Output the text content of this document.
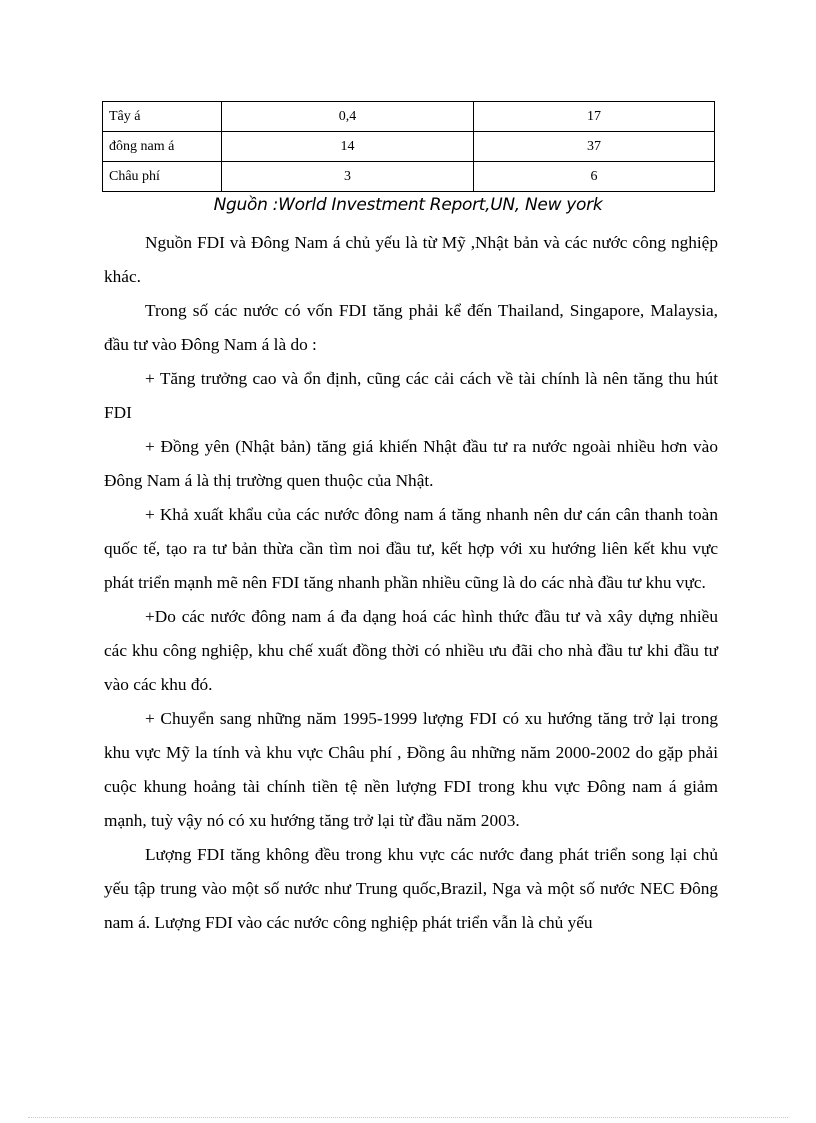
Tây á	0,4	17
đông nam á	14	37
Châu phí	3	6
Nguồn :World Investment Report,UN, New york

Nguồn FDI và Đông Nam á chủ yếu là từ Mỹ ,Nhật bản và các nước công nghiệp khác.

Trong số các nước có vốn FDI tăng phải kể đến Thailand, Singapore, Malaysia, đầu tư vào Đông Nam á là do :

+ Tăng trưởng cao và ổn định, cũng các cải cách về tài chính là nên tăng thu hút FDI

+ Đồng yên (Nhật bản) tăng giá khiến Nhật đầu tư ra nước ngoài nhiều hơn vào Đông Nam á là thị trường quen thuộc của Nhật.

+ Khả xuất khẩu của các nước đông nam á tăng nhanh nên dư cán cân thanh toàn quốc tế, tạo ra tư bản thừa cần tìm noi đầu tư, kết hợp với xu hướng liên kết khu vực phát triển mạnh mẽ nên FDI tăng nhanh phần nhiều cũng là do các nhà đầu tư khu vực.

+Do các nước đông nam á đa dạng hoá các hình thức đầu tư và xây dựng nhiều các khu công nghiệp, khu chế xuất đồng thời có nhiều ưu đãi cho nhà đầu tư khi đầu tư vào các khu đó.

+ Chuyển sang những năm 1995-1999 lượng FDI có xu hướng tăng trở lại trong khu vực Mỹ la tính và khu vực Châu phí , Đồng âu những năm 2000-2002 do gặp phải cuộc khung hoảng tài chính tiền tệ nền lượng FDI trong khu vực Đông nam á giảm mạnh, tuỳ vậy nó có xu hướng tăng trở lại từ đầu năm 2003.

Lượng FDI tăng không đều trong khu vực các nước đang phát triển song lại chủ yếu tập trung vào một số nước như Trung quốc,Brazil, Nga và một số nước NEC Đông nam á. Lượng FDI vào các nước công nghiệp phát triển vẫn là chủ yếu
